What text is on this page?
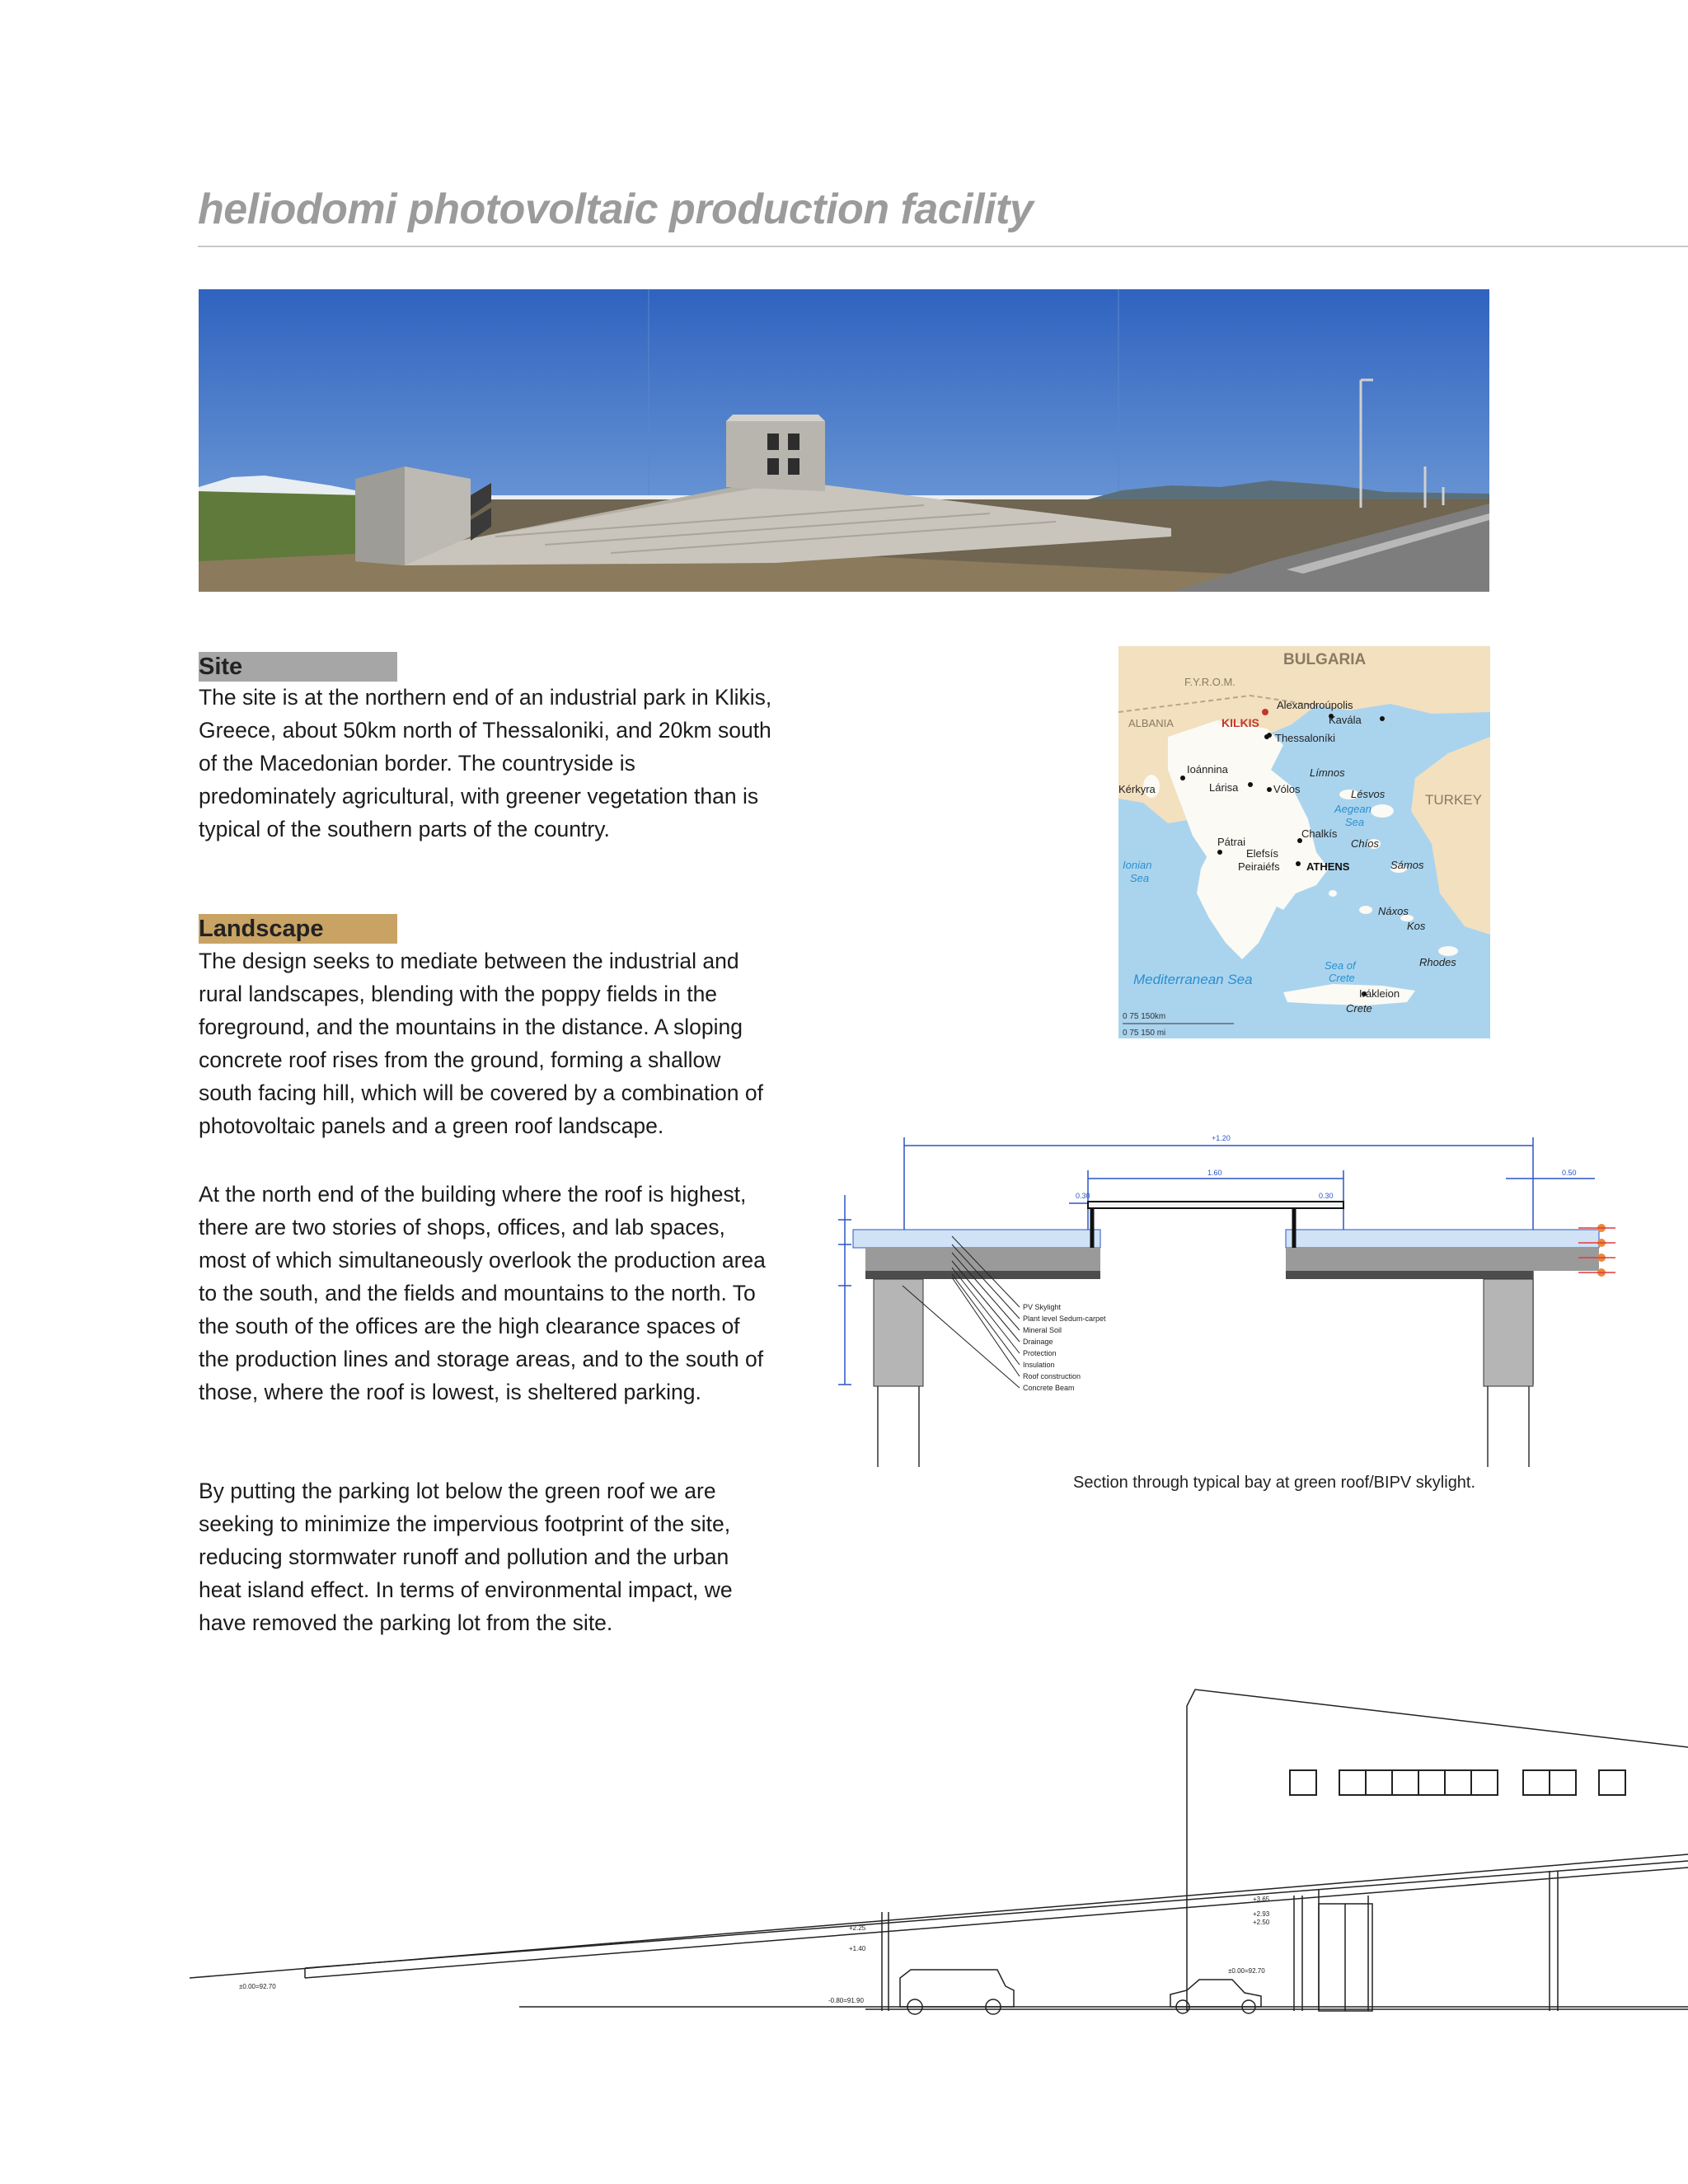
heliodomi photovoltaic production facility
Site

The site is at the northern end of an industrial park in Klikis, Greece, about 50km north of Thessaloniki, and 20km south of the Macedonian border. The countryside is predominately agricultural, with greener vegetation than is typical of the southern parts of the country.

Landscape

The design seeks to mediate between the industrial and rural landscapes, blending with the poppy fields in the foreground, and the mountains in the distance. A sloping concrete roof rises from the ground, forming a shallow south facing hill, which will be covered by a combination of photovoltaic panels and a green roof landscape.

At the north end of the building where the roof is highest, there are two stories of shops, offices, and lab spaces, most of which simultaneously overlook the production area to the south, and the fields and mountains to the north. To the south of the offices are the high clearance spaces of the production lines and storage areas, and to the south of those, where the roof is lowest, is sheltered parking.

By putting the parking lot below the green roof we are seeking to minimize the impervious footprint of the site, reducing stormwater runoff and pollution and the urban heat island effect. In terms of environmental impact, we have removed the parking lot from the site.

BULGARIA
F.Y.R.O.M.
ALBANIA	KILKIS
Alexandroúpolis
Kavála
Thessaloníki
Ioánnina
Kérkyra	Lárisa	Vólos
Límnos
Lésvos
Aegean
Sea
TURKEY
Chalkís
Chíos
Pátrai
Elefsís
Peiraiéfs ATHENS	Sámos
Ionian
Sea
Náxos
Kos
Rhodes
Mediterranean Sea
Sea of
Crete
Irákleion
Crete
0 75 150km
0 75 150 mi
+1.20
1.60	0.50
0.30	0.30
PV Skylight
Plant level Sedum-carpet
Mineral Soil
Drainage
Protection
Insulation
Roof construction
Concrete Beam
Section through typical bay at green roof/BIPV skylight.
±0.00=92.70
+2.25
+1.40
-0.80=91.90
+3.65
+2.93
+2.50
±0.00=92.70
